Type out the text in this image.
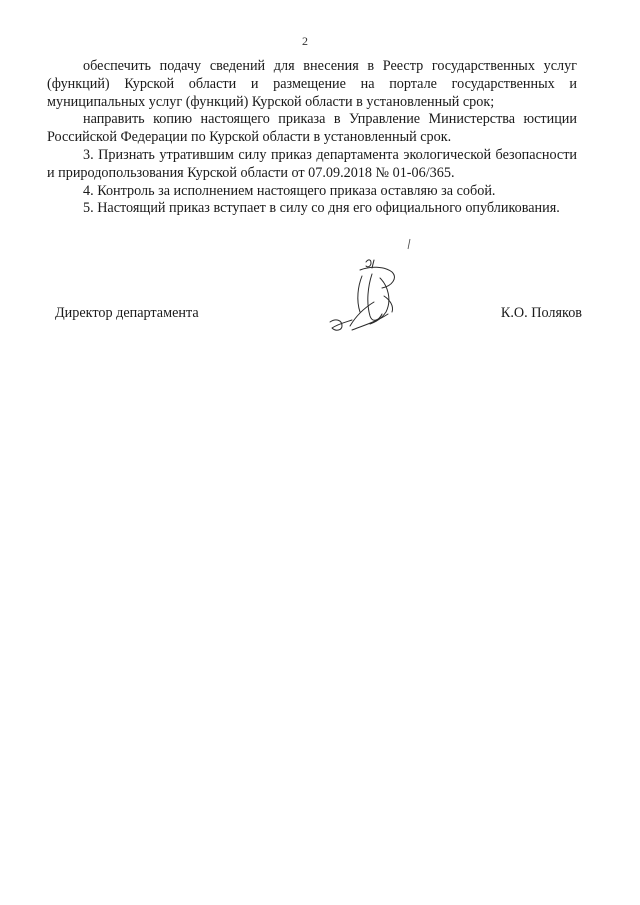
2

обеспечить подачу сведений для внесения в Реестр государственных услуг (функций) Курской области и размещение на портале государственных и муниципальных услуг (функций) Курской области в установленный срок;

направить копию настоящего приказа в Управление Министерства юстиции Российской Федерации по Курской области в установленный срок.

3. Признать утратившим силу приказ департамента экологической безопасности и природопользования Курской области от 07.09.2018 № 01-06/365.

4. Контроль за исполнением настоящего приказа оставляю за собой.

5. Настоящий приказ вступает в силу со дня его официального опубликования.

Директор департамента	К.О. Поляков
